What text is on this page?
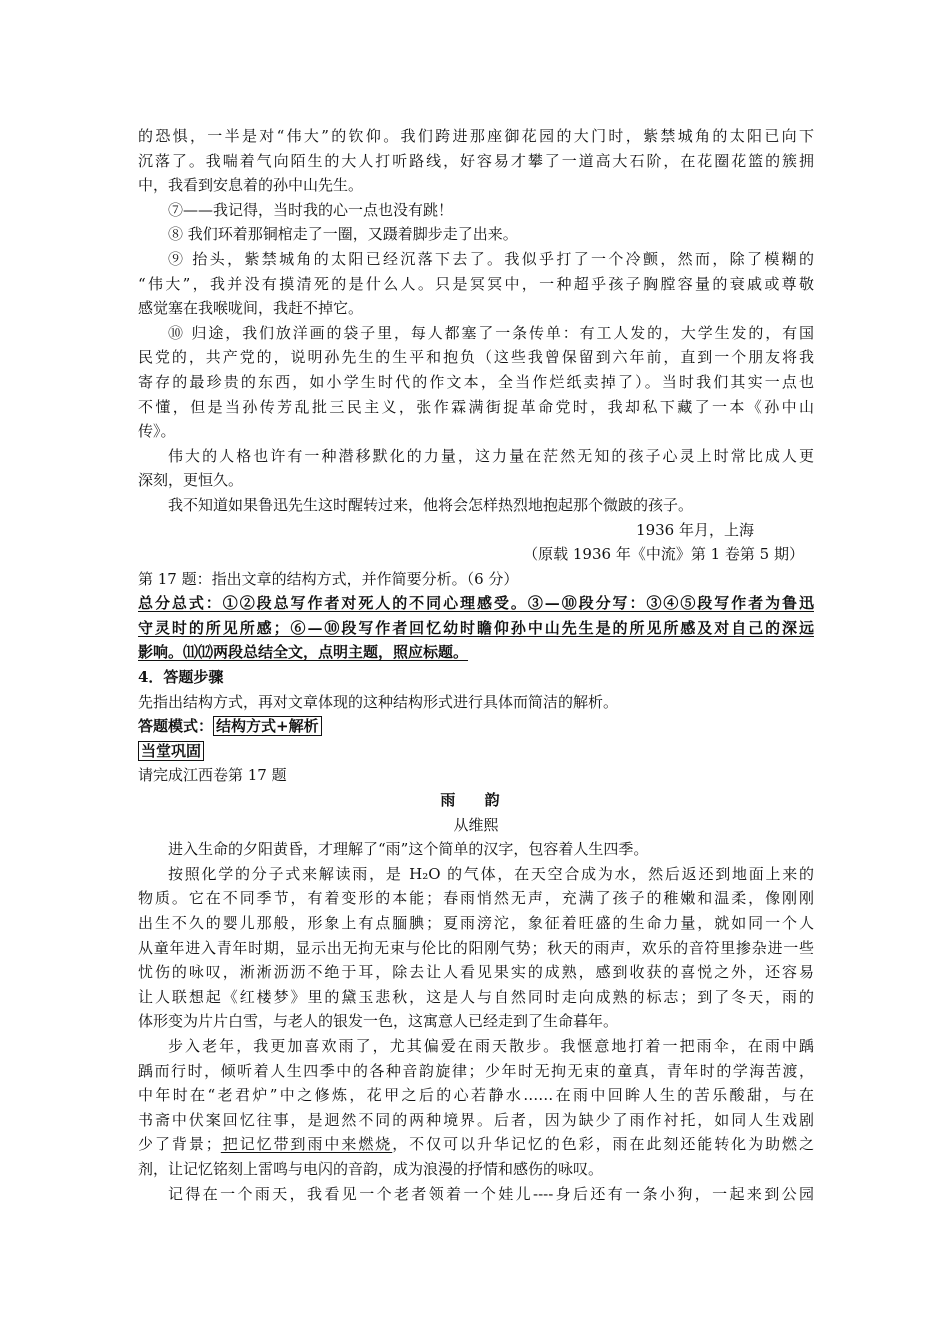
的恐惧，一半是对“伟大”的钦仰。我们跨进那座御花园的大门时，紫禁城角的太阳已向下
沉落了。我喘着气向陌生的大人打听路线，好容易才攀了一道高大石阶，在花圈花篮的簇拥
中，我看到安息着的孙中山先生。
⑦——我记得，当时我的心一点也没有跳！
⑧ 我们环着那铜棺走了一圈，又蹑着脚步走了出来。
⑨ 抬头，紫禁城角的太阳已经沉落下去了。我似乎打了一个冷颤，然而，除了模糊的
“伟大”，我并没有摸清死的是什么人。只是冥冥中，一种超乎孩子胸膛容量的衰戚或尊敬
感觉塞在我喉咙间，我赶不掉它。
⑩ 归途，我们放洋画的袋子里，每人都塞了一条传单：有工人发的，大学生发的，有国
民党的，共产党的，说明孙先生的生平和抱负（这些我曾保留到六年前，直到一个朋友将我
寄存的最珍贵的东西，如小学生时代的作文本，全当作烂纸卖掉了）。当时我们其实一点也
不懂，但是当孙传芳乱批三民主义，张作霖满街捉革命党时，我却私下藏了一本《孙中山
传》。
伟大的人格也许有一种潜移默化的力量，这力量在茫然无知的孩子心灵上时常比成人更
深刻，更恒久。
我不知道如果鲁迅先生这时醒转过来，他将会怎样热烈地抱起那个微跛的孩子。
1936 年月，上海
（原载 1936 年《中流》第 1 卷第 5 期）
第 17 题：指出文章的结构方式，并作简要分析。（6 分）
总分总式：①②段总写作者对死人的不同心理感受。③—⑩段分写：③④⑤段写作者为鲁迅
守灵时的所见所感；⑥—⑩段写作者回忆幼时瞻仰孙中山先生是的所见所感及对自己的深远
影响。⑾⑿两段总结全文，点明主题，照应标题。
4．答题步骤
先指出结构方式，再对文章体现的这种结构形式进行具体而简洁的解析。
答题模式： 结构方式+解析
当堂巩固
请完成江西卷第 17 题
雨 韵
从维熙
进入生命的夕阳黄昏，才理解了“雨”这个简单的汉字，包容着人生四季。
按照化学的分子式来解读雨，是 H₂O 的气体，在天空合成为水，然后返还到地面上来的
物质。它在不同季节，有着变形的本能；春雨悄然无声，充满了孩子的稚嫩和温柔，像刚刚
出生不久的婴儿那般，形象上有点腼腆；夏雨滂沱，象征着旺盛的生命力量，就如同一个人
从童年进入青年时期，显示出无拘无束与伦比的阳刚气势；秋天的雨声，欢乐的音符里掺杂进一些
忧伤的咏叹，淅淅沥沥不绝于耳，除去让人看见果实的成熟，感到收获的喜悦之外，还容易
让人联想起《红楼梦》里的黛玉悲秋，这是人与自然同时走向成熟的标志；到了冬天，雨的
体形变为片片白雪，与老人的银发一色，这寓意人已经走到了生命暮年。
步入老年，我更加喜欢雨了，尤其偏爱在雨天散步。我惬意地打着一把雨伞，在雨中踽
踽而行时，倾听着人生四季中的各种音韵旋律；少年时无拘无束的童真，青年时的学海苦渡，
中年时在“老君炉”中之修炼，花甲之后的心若静水……在雨中回眸人生的苦乐酸甜，与在
书斋中伏案回忆往事，是迥然不同的两种境界。后者，因为缺少了雨作衬托，如同人生戏剧
少了背景；把记忆带到雨中来燃烧，不仅可以升华记忆的色彩，雨在此刻还能转化为助燃之
剂，让记忆铭刻上雷鸣与电闪的音韵，成为浪漫的抒情和感伤的咏叹。
记得在一个雨天，我看见一个老者领着一个娃儿----身后还有一条小狗，一起来到公园
